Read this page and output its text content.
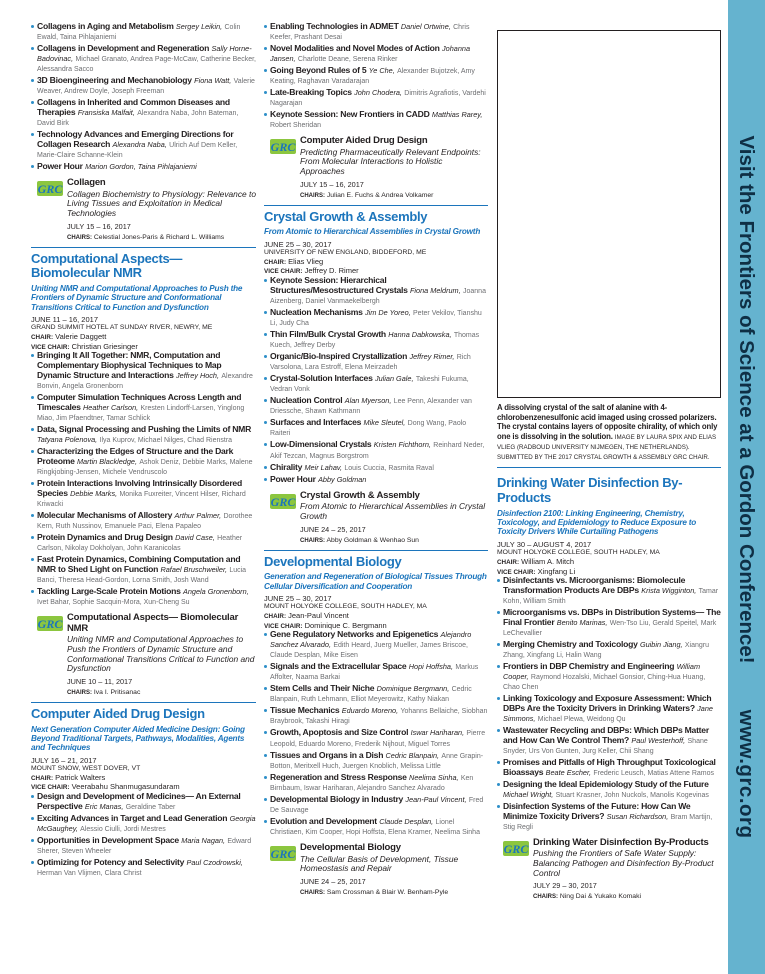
Collagens in Aging and Metabolism Sergey Leikin, Colin Ewald, Taina Pihlajaniemi
Collagens in Development and Regeneration Sally Horne-Badovinac, Michael Granato, Andrea Page-McCaw, Catherine Becker, Alessandra Sacco
3D Bioengineering and Mechanobiology Fiona Watt, Valerie Weaver, Andrew Doyle, Joseph Freeman
Collagens in Inherited and Common Diseases and Therapies Fransiska Malfait, Alexandra Naba, John Bateman, David Birk
Technology Advances and Emerging Directions for Collagen Research Alexandra Naba, Ulrich Auf Dem Keller, Marie-Claire Schanne-Klein
Power Hour Marion Gordon, Taina Pihlajaniemi
GRC Collagen
Collagen Biochemistry to Physiology: Relevance to Living Tissues and Exploitation in Medical Technologies
JULY 15 – 16, 2017
CHAIRS: Celestial Jones-Paris & Richard L. Williams
Computational Aspects— Biomolecular NMR
Uniting NMR and Computational Approaches to Push the Frontiers of Dynamic Structure and Conformational Transitions Critical to Function and Dysfunction
JUNE 11 – 16, 2017
GRAND SUMMIT HOTEL AT SUNDAY RIVER, NEWRY, ME
CHAIR: Valerie Daggett
VICE CHAIR: Christian Griesinger
Bringing It All Together: NMR, Computation and Complementary Biophysical Techniques to Map Dynamic Structure and Interactions Jeffrey Hoch, Alexandre Bonvin, Angela Gronenborn
Computer Simulation Techniques Across Length and Timescales Heather Carlson, Kresten Lindorff-Larsen, Yinglong Miao, Jim Pfaendtner, Tamar Schlick
Data, Signal Processing and Pushing the Limits of NMR Tatyana Polenova, Ilya Kuprov, Michael Nilges, Chad Rienstra
Characterizing the Edges of Structure and the Dark Proteome Martin Blackledge, Ashok Deniz, Debbie Marks, Malene Ringkjobing-Jensen, Michele Vendruscolo
Protein Interactions Involving Intrinsically Disordered Species Debbie Marks, Monika Fuxreiter, Vincent Hilser, Richard Kriwacki
Molecular Mechanisms of Allostery Arthur Palmer, Dorothee Kern, Ruth Nussinov, Emanuele Paci, Elena Papaleo
Protein Dynamics and Drug Design David Case, Heather Carlson, Nikolay Dokholyan, John Karanicolas
Fast Protein Dynamics, Combining Computation and NMR to Shed Light on Function Rafael Bruschweiler, Lucia Banci, Theresa Head-Gordon, Lorna Smith, Josh Wand
Tackling Large-Scale Protein Motions Angela Gronenborn, Ivet Bahar, Sophie Sacquin-Mora, Xun-Cheng Su
GRC Computational Aspects— Biomolecular NMR
Uniting NMR and Computational Approaches to Push the Frontiers of Dynamic Structure and Conformational Transitions Critical to Function and Dysfunction
JUNE 10 – 11, 2017
CHAIRS: Iva I. Pritisanac
Computer Aided Drug Design
Next Generation Computer Aided Medicine Design: Going Beyond Traditional Targets, Pathways, Modalities, Agents and Techniques
JULY 16 – 21, 2017
MOUNT SNOW, WEST DOVER, VT
CHAIR: Patrick Walters
VICE CHAIR: Veerabahu Shanmugasundaram
Design and Development of Medicines— An External Perspective Eric Manas, Geraldine Taber
Exciting Advances in Target and Lead Generation Georgia McGaughey, Alessio Ciulli, Jordi Mestres
Opportunities in Development Space Maria Nagan, Edward Sherer, Steven Wheeler
Optimizing for Potency and Selectivity Paul Czodrowski, Herman Van Vlijmen, Clara Christ
Enabling Technologies in ADMET Daniel Ortwine, Chris Keefer, Prashant Desai
Novel Modalities and Novel Modes of Action Johanna Jansen, Charlotte Deane, Serena Rinker
Going Beyond Rules of 5 Ye Che, Alexander Bujotzek, Amy Keating, Raghavan Varadarajan
Late-Breaking Topics John Chodera, Dimitris Agrafiotis, Vardehi Nagarajan
Keynote Session: New Frontiers in CADD Matthias Rarey, Robert Sheridan
GRC Computer Aided Drug Design
Predicting Pharmaceutically Relevant Endpoints: From Molecular Interactions to Holistic Approaches
JULY 15 – 16, 2017
CHAIRS: Julian E. Fuchs & Andrea Volkamer
Crystal Growth & Assembly
From Atomic to Hierarchical Assemblies in Crystal Growth
JUNE 25 – 30, 2017
UNIVERSITY OF NEW ENGLAND, BIDDEFORD, ME
CHAIR: Elias Vlieg
VICE CHAIR: Jeffrey D. Rimer
Keynote Session: Hierarchical Structures/Mesostructured Crystals Fiona Meldrum, Joanna Aizenberg, Daniel Vanmaekelbergh
Nucleation Mechanisms Jim De Yoreo, Peter Vekilov, Tianshu Li, Judy Cha
Thin Film/Bulk Crystal Growth Hanna Dabkowska, Thomas Kuech, Jeffrey Derby
Organic/Bio-Inspired Crystallization Jeffrey Rimer, Rich Varsolona, Lara Estroff, Elena Meirzadeh
Crystal-Solution Interfaces Julian Gale, Takeshi Fukuma, Vedran Vonk
Nucleation Control Alan Myerson, Lee Penn, Alexander van Driessche, Shawn Kathmann
Surfaces and Interfaces Mike Sleutel, Dong Wang, Paolo Raiteri
Low-Dimensional Crystals Kristen Fichthorn, Reinhard Neder, Akif Tezcan, Magnus Borgstrom
Chirality Meir Lahav, Louis Cuccia, Rasmita Raval
Power Hour Abby Goldman
GRC Crystal Growth & Assembly
From Atomic to Hierarchical Assemblies in Crystal Growth
JUNE 24 – 25, 2017
CHAIRS: Abby Goldman & Wenhao Sun
Developmental Biology
Generation and Regeneration of Biological Tissues Through Cellular Diversification and Cooperation
JUNE 25 – 30, 2017
MOUNT HOLYOKE COLLEGE, SOUTH HADLEY, MA
CHAIR: Jean-Paul Vincent
VICE CHAIR: Dominique C. Bergmann
Gene Regulatory Networks and Epigenetics Alejandro Sanchez Alvarado, Edith Heard, Juerg Mueller, James Briscoe, Claude Desplan, Mike Eisen
Signals and the Extracellular Space Hopi Hoffsha, Markus Affolter, Naama Barkai
Stem Cells and Their Niche Dominique Bergmann, Cedric Blanpain, Ruth Lehmann, Elliot Meyerowitz, Kathy Niakan
Tissue Mechanics Eduardo Moreno, Yohanns Bellaiche, Siobhan Braybrook, Takashi Hiragi
Growth, Apoptosis and Size Control Iswar Hariharan, Pierre Leopold, Eduardo Moreno, Frederik Nijhout, Miguel Torres
Tissues and Organs in a Dish Cedric Blanpain, Anne Grapin-Botton, Meritxell Huch, Juergen Knoblich, Melissa Little
Regeneration and Stress Response Neelima Sinha, Ken Birnbaum, Iswar Hariharan, Alejandro Sanchez Alvarado
Developmental Biology in Industry Jean-Paul Vincent, Fred De Sauvage
Evolution and Development Claude Desplan, Lionel Christiaen, Kim Cooper, Hopi Hoffsta, Elena Kramer, Neelima Sinha
GRC Developmental Biology
The Cellular Basis of Development, Tissue Homeostasis and Repair
JUNE 24 – 25, 2017
CHAIRS: Sam Crossman & Blair W. Benham-Pyle
A dissolving crystal of the salt of alanine with 4-chlorobenzenesulfonic acid imaged using crossed polarizers. The crystal contains layers of opposite chirality, of which only one is dissolving in the solution. IMAGE BY LAURA SPIX AND ELIAS VLIEG (RADBOUD UNIVERSITY NIJMEGEN, THE NETHERLANDS). SUBMITTED BY THE 2017 CRYSTAL GROWTH & ASSEMBLY GRC CHAIR.
Drinking Water Disinfection By-Products
Disinfection 2100: Linking Engineering, Chemistry, Toxicology, and Epidemiology to Reduce Exposure to Toxicity Drivers While Curtailing Pathogens
JULY 30 – AUGUST 4, 2017
MOUNT HOLYOKE COLLEGE, SOUTH HADLEY, MA
CHAIR: William A. Mitch
VICE CHAIR: Xingfang Li
Disinfectants vs. Microorganisms: Biomolecule Transformation Products Are DBPs Krista Wigginton, Tamar Kohn, William Smith
Microorganisms vs. DBPs in Distribution Systems— The Final Frontier Benito Marinas, Wen-Tso Liu, Gerald Speitel, Mark LeChevallier
Merging Chemistry and Toxicology Guibin Jiang, Xiangru Zhang, Xingfang Li, Halin Wang
Frontiers in DBP Chemistry and Engineering William Cooper, Raymond Hozalski, Michael Gonsior, Ching-Hua Huang, Chao Chen
Linking Toxicology and Exposure Assessment: Which DBPs Are the Toxicity Drivers in Drinking Waters? Jane Simmons, Michael Plewa, Weidong Qu
Wastewater Recycling and DBPs: Which DBPs Matter and How Can We Control Them? Paul Westerhoff, Shane Snyder, Urs Von Gunten, Jurg Keller, Chii Shang
Promises and Pitfalls of High Throughput Toxicological Bioassays Beate Escher, Frederic Leusch, Matias Attene Ramos
Designing the Ideal Epidemiology Study of the Future Michael Wright, Stuart Krasner, John Nuckols, Manolis Kogevinas
Disinfection Systems of the Future: How Can We Minimize Toxicity Drivers? Susan Richardson, Bram Martijn, Stig Regli
GRC Drinking Water Disinfection By-Products
Pushing the Frontiers of Safe Water Supply: Balancing Pathogen and Disinfection By-Product Control
JULY 29 – 30, 2017
CHAIRS: Ning Dai & Yukako Komaki
Visit the Frontiers of Science at a Gordon Conference!www.grc.org
